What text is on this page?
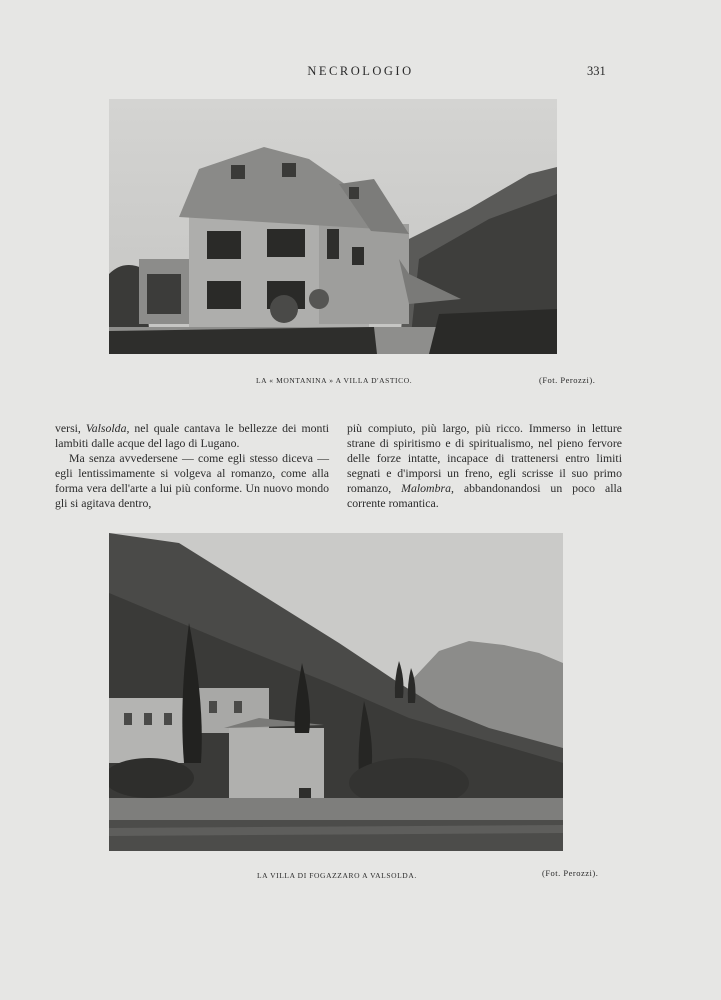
NECROLOGIO	331
LA « MONTANINA » A VILLA D'ASTICO.	(Fot. Perozzi).

versi, Valsolda, nel quale cantava le bellezze dei monti lambiti dalle acque del lago di Lugano.

Ma senza avvedersene — come egli stesso diceva — egli lentissimamente si volgeva al romanzo, come alla forma vera dell'arte a lui più conforme. Un nuovo mondo gli si agitava dentro,

più compiuto, più largo, più ricco. Immerso in letture strane di spiritismo e di spiritualismo, nel pieno fervore delle forze intatte, incapace di trattenersi entro limiti segnati e d'imporsi un freno, egli scrisse il suo primo romanzo, Malombra, abbandonandosi un poco alla corrente romantica.

LA VILLA DI FOGAZZARO A VALSOLDA.	(Fot. Perozzi).
